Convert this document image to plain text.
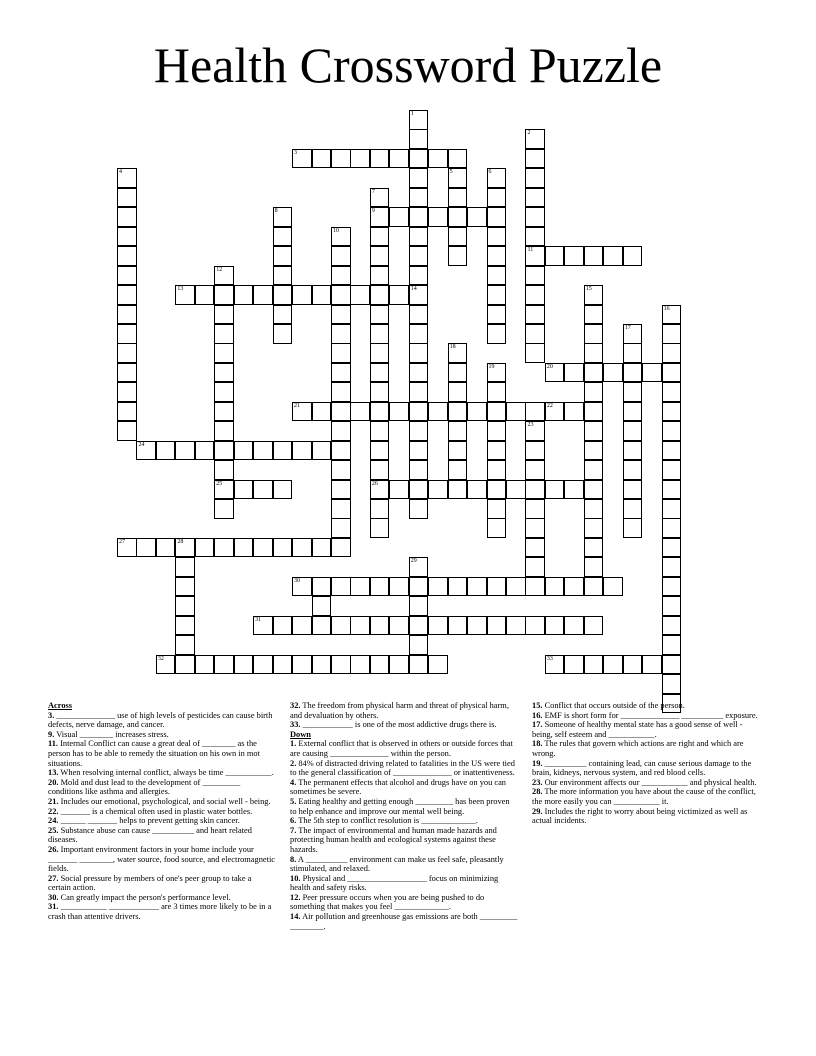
Health Crossword Puzzle
1
2
11
4	5	6
7
9
26
8
10
12
25
14	15
16
17
18
19
23
28
29
3
13
20
21	22
24
27
30
31
32	33

Across

3. ______________ use of high levels of pesticides can cause birth defects, nerve damage, and cancer.

9. Visual ________ increases stress.

11. Internal Conflict can cause a great deal of ________ as the person has to be able to remedy the situation on his own in mot situations.

13. When resolving internal conflict, always be time ___________.

20. Mold and dust lead to the development of _________ conditions like asthma and allergies.

21. Includes our emotional, psychological, and social well - being.

22. _______ is a chemical often used in plastic water bottles.

24. ______ _______ helps to prevent getting skin cancer.

25. Substance abuse can cause __________ and heart related diseases.

26. Important environment factors in your home include your _______ ________, water source, food source, and electromagnetic fields.

27. Social pressure by members of one's peer group to take a certain action.

30. Can greatly impact the person's performance level.

31. ___________ ____________ are 3 times more likely to be in a crash than attentive drivers.

32. The freedom from physical harm and threat of physical harm, and devaluation by others.

33. ____________ is one of the most addictive drugs there is.

Down

1. External conflict that is observed in others or outside forces that are causing ______________ within the person.

2. 84% of distracted driving related to fatalities in the US were tied to the general classification of ______________ or inattentiveness.

4. The permanent effects that alcohol and drugs have on you can sometimes be severe.

5. Eating healthy and getting enough _________ has been proven to help enhance and improve our mental well being.

6. The 5th step to conflict resolution is _____________.

7. The impact of environmental and human made hazards and protecting human health and ecological systems against these hazards.

8. A __________ environment can make us feel safe, pleasantly stimulated, and relaxed.

10. Physical and ___________________ focus on minimizing health and safety risks.

12. Peer pressure occurs when you are being pushed to do something that makes you feel _____________.

14. Air pollution and greenhouse gas emissions are both _________ ________.

15. Conflict that occurs outside of the person.

16. EMF is short form for ______________ __________ exposure.

17. Someone of healthy mental state has a good sense of well - being, self esteem and ___________.

18. The rules that govern which actions are right and which are wrong.

19. __________ containing lead, can cause serious damage to the brain, kidneys, nervous system, and red blood cells.

23. Our environment affects our ___________ and physical health.

28. The more information you have about the cause of the conflict, the more easily you can ___________ it.

29. Includes the right to worry about being victimized as well as actual incidents.
